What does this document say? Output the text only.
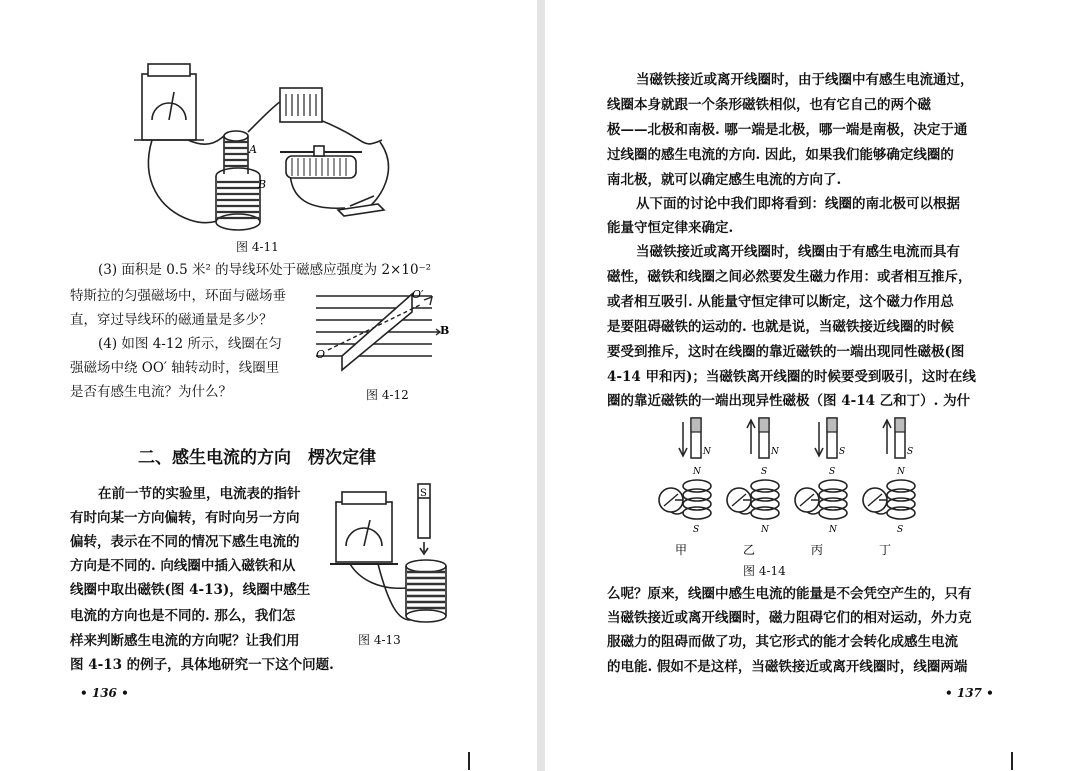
A
B
图 4-11
(3) 面积是 0.5 米² 的导线环处于磁感应强度为 2×10⁻²
特斯拉的匀强磁场中，环面与磁场垂
直，穿过导线环的磁通量是多少？
(4) 如图 4-12 所示，线圈在匀
强磁场中绕 OO′ 轴转动时，线圈里
是否有感生电流？为什么？
O′
O
B
图 4-12
二、感生电流的方向　楞次定律
在前一节的实验里，电流表的指针
有时向某一方向偏转，有时向另一方向
偏转，表示在不同的情况下感生电流的
方向是不同的. 向线圈中插入磁铁和从
线圈中取出磁铁(图 4-13)，线圈中感生
电流的方向也是不同的. 那么，我们怎
样来判断感生电流的方向呢？让我们用
图 4-13 的例子，具体地研究一下这个问题.
S
图 4-13
• 136 •
当磁铁接近或离开线圈时，由于线圈中有感生电流通过，
线圈本身就跟一个条形磁铁相似，也有它自己的两个磁
极——北极和南极. 哪一端是北极，哪一端是南极，决定于通
过线圈的感生电流的方向. 因此，如果我们能够确定线圈的
南北极，就可以确定感生电流的方向了.
从下面的讨论中我们即将看到：线圈的南北极可以根据
能量守恒定律来确定.
当磁铁接近或离开线圈时，线圈由于有感生电流而具有
磁性，磁铁和线圈之间必然要发生磁力作用：或者相互推斥，
或者相互吸引. 从能量守恒定律可以断定，这个磁力作用总
是要阻碍磁铁的运动的. 也就是说，当磁铁接近线圈的时候
要受到推斥，这时在线圈的靠近磁铁的一端出现同性磁极(图
4-14 甲和丙)；当磁铁离开线圈的时候要受到吸引，这时在线
圈的靠近磁铁的一端出现异性磁极（图 4-14 乙和丁）. 为什
N
N
S
甲
N
S
N
乙
S
S
N
丙
S
N
S
丁
图 4-14
么呢？原来，线圈中感生电流的能量是不会凭空产生的，只有
当磁铁接近或离开线圈时，磁力阻碍它们的相对运动，外力克
服磁力的阻碍而做了功，其它形式的能才会转化成感生电流
的电能. 假如不是这样，当磁铁接近或离开线圈时，线圈两端
• 137 •
